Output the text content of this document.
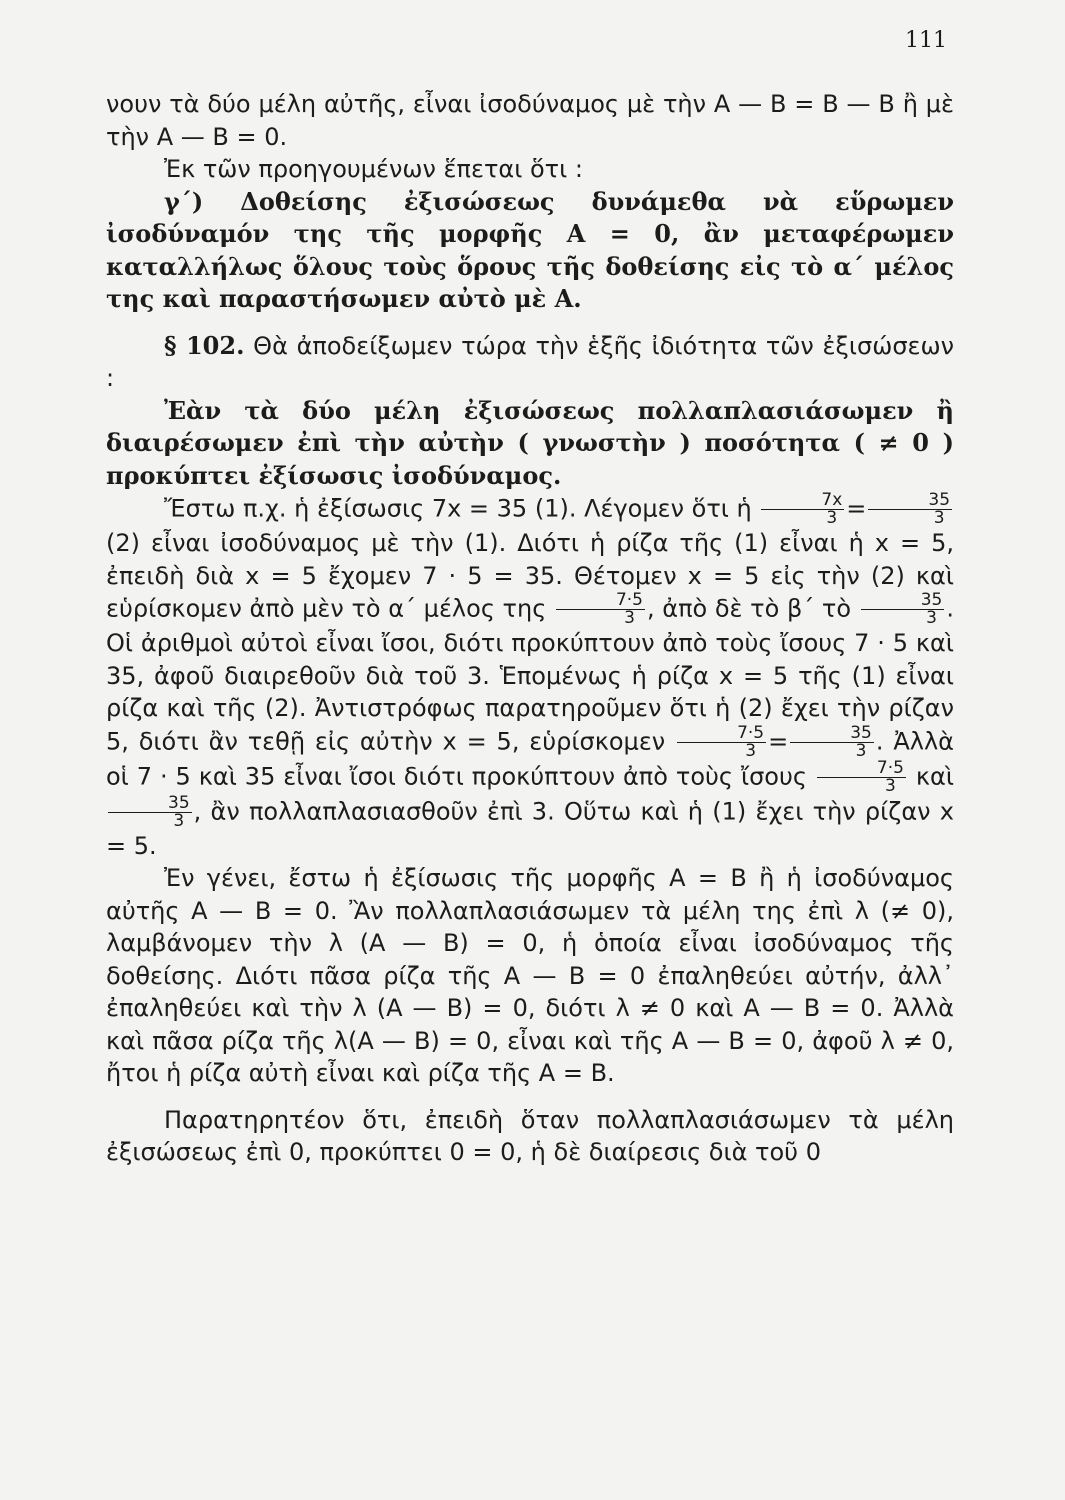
111

νουν τὰ δύο μέλη αὐτῆς, εἶναι ἰσοδύναμος μὲ τὴν Α — Β = Β — Β ἢ μὲ τὴν Α — Β = 0.

Ἐκ τῶν προηγουμένων ἕπεται ὅτι :

γ΄) Δοθείσης ἐξισώσεως δυνάμεθα νὰ εὕρωμεν ἰσοδύναμόν της τῆς μορφῆς Α = 0, ἂν μεταφέρωμεν καταλλήλως ὅλους τοὺς ὅρους τῆς δοθείσης εἰς τὸ α΄ μέλος της καὶ παραστήσωμεν αὐτὸ μὲ Α.

§ 102. Θὰ ἀποδείξωμεν τώρα τὴν ἑξῆς ἰδιότητα τῶν ἐξισώσεων :

Ἐὰν τὰ δύο μέλη ἐξισώσεως πολλαπλασιάσωμεν ἢ διαιρέσωμεν ἐπὶ τὴν αὐτὴν ( γνωστὴν ) ποσότητα ( ≠ 0 ) προκύπτει ἐξίσωσις ἰσοδύναμος.

Ἔστω π.χ. ἡ ἐξίσωσις 7x = 35 (1). Λέγομεν ὅτι ἡ $\frac{7x}{3} = \frac{35}{3}$
(2) εἶναι ἰσοδύναμος μὲ τὴν (1). Διότι ἡ ρίζα τῆς (1) εἶναι ἡ x = 5, ἐπειδὴ διὰ x = 5 ἔχομεν 7 · 5 = 35. Θέτομεν x = 5 εἰς τὴν (2) καὶ εὑρίσκομεν ἀπὸ μὲν τὸ α΄ μέλος της $\frac{7\cdot 5}{3}$ , ἀπὸ δὲ τὸ β΄ τὸ $\frac{35}{3}$ . Οἱ ἀριθμοὶ αὐτοὶ εἶναι ἴσοι, διότι προκύπτουν ἀπὸ τοὺς ἴσους 7 · 5 καὶ 35, ἀφοῦ διαιρεθοῦν διὰ τοῦ 3. Ἑπομένως ἡ ρίζα x = 5 τῆς (1) εἶναι ρίζα καὶ τῆς (2). Ἀντιστρόφως παρατηροῦμεν ὅτι ἡ (2) ἔχει τὴν ρίζαν 5, διότι ἂν τεθῇ εἰς αὐτὴν x = 5, εὑρίσκομεν $\frac{7\cdot 5}{3} = \frac{35}{3}$ . Ἀλλὰ οἱ 7 · 5 καὶ 35 εἶναι ἴσοι διότι προκύπτουν ἀπὸ τοὺς ἴσους $\frac{7\cdot 5}{3}$ καὶ
$\frac{35}{3}$ , ἂν πολλαπλασιασθοῦν ἐπὶ 3. Οὕτω καὶ ἡ (1) ἔχει τὴν ρίζαν x = 5.

Ἐν γένει, ἔστω ἡ ἐξίσωσις τῆς μορφῆς Α = Β ἢ ἡ ἰσοδύναμος αὐτῆς Α — Β = 0. Ἂν πολλαπλασιάσωμεν τὰ μέλη της ἐπὶ λ (≠ 0), λαμβάνομεν τὴν λ (Α — Β) = 0, ἡ ὁποία εἶναι ἰσοδύναμος τῆς δοθείσης. Διότι πᾶσα ρίζα τῆς Α — Β = 0 ἐπαληθεύει αὐτήν, ἀλλ᾽ ἐπαληθεύει καὶ τὴν λ (Α — Β) = 0, διότι λ ≠ 0 καὶ Α — Β = 0. Ἀλλὰ καὶ πᾶσα ρίζα τῆς λ(Α — Β) = 0, εἶναι καὶ τῆς Α — Β = 0, ἀφοῦ λ ≠ 0, ἤτοι ἡ ρίζα αὐτὴ εἶναι καὶ ρίζα τῆς Α = Β.

Παρατηρητέον ὅτι, ἐπειδὴ ὅταν πολλαπλασιάσωμεν τὰ μέλη ἐξισώσεως ἐπὶ 0, προκύπτει 0 = 0, ἡ δὲ διαίρεσις διὰ τοῦ 0
